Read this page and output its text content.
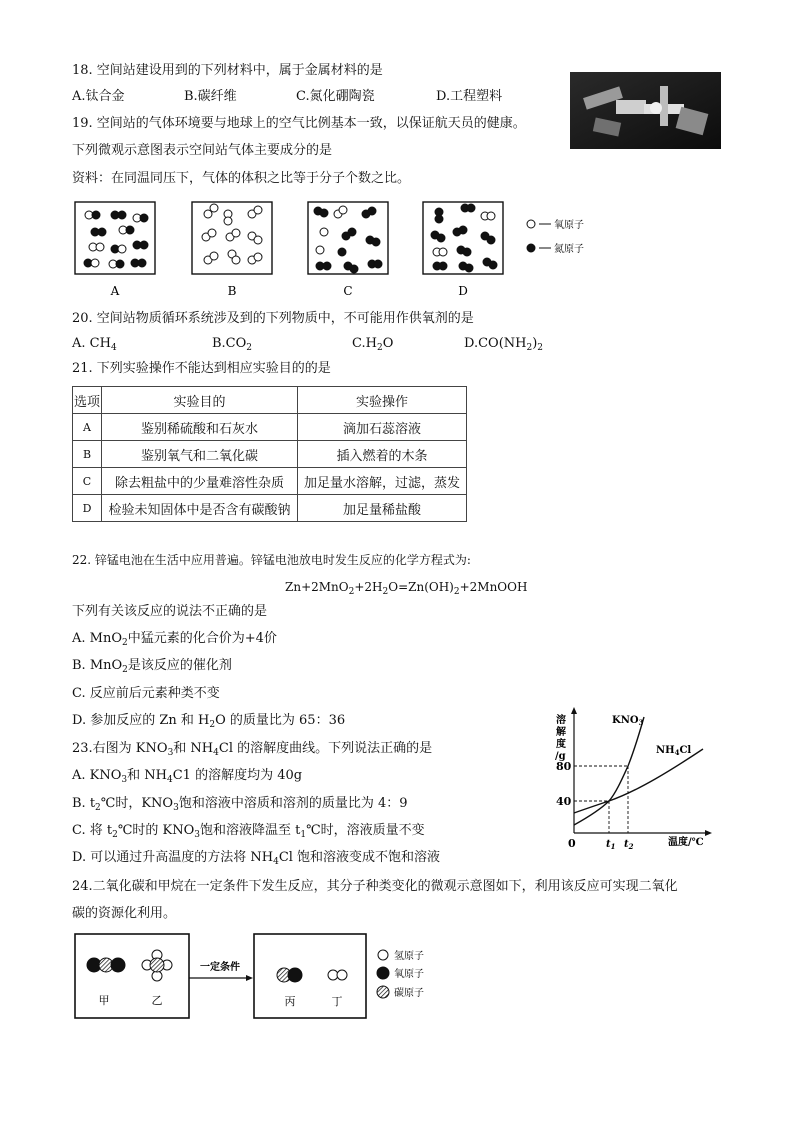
18. 空间站建设用到的下列材料中，属于金属材料的是
A.钛合金	B.碳纤维	C.氮化硼陶瓷	D.工程塑料
19. 空间站的气体环境要与地球上的空气比例基本一致，以保证航天员的健康。
下列微观示意图表示空间站气体主要成分的是
资料：在同温同压下，气体的体积之比等于分子个数之比。
A	B	C	D
氧原子
氮原子
20. 空间站物质循环系统涉及到的下列物质中，不可能用作供氧剂的是
A. $CH_4$	$B.CO_2$	$C.H_2O$	$D.CO(NH_2)_2$
21. 下列实验操作不能达到相应实验目的的是
选项	实验目的	实验操作
A	鉴别稀硫酸和石灰水	滴加石蕊溶液
B	鉴别氧气和二氧化碳	插入燃着的木条
C	除去粗盐中的少量难溶性杂质	加足量水溶解，过滤，蒸发
D	检验未知固体中是否含有碳酸钠	加足量稀盐酸
22. 锌锰电池在生活中应用普遍。锌锰电池放电时发生反应的化学方程式为:
$Zn+2MnO_2+2H_2O=Zn(OH)_2+2MnOOH$
下列有关该反应的说法不正确的是
A. MnO$_2$中猛元素的化合价为+4价
B. MnO$_2$是该反应的催化剂
C. 反应前后元素种类不变
D. 参加反应的 Zn 和 $H_2O$ 的质量比为 65：36
23.右图为 $KNO_3$和 $NH_4Cl$ 的溶解度曲线。下列说法正确的是
A. $KNO_3$和 $NH_4C1$ 的溶解度均为 40g
B. $t_2℃$时，$KNO_3$饱和溶液中溶质和溶剂的质量比为 4：9
C. 将 $t_2℃$时的 $KNO_3$饱和溶液降温至 $t_1℃$时，溶液质量不变
D. 可以通过升高温度的方法将 $NH_4Cl$ 饱和溶液变成不饱和溶液
溶
解
度
/g
80
40
0	$t_1$ $t_2$	温度/℃
$KNO_3$
$NH_4Cl$
24.二氧化碳和甲烷在一定条件下发生反应，其分子种类变化的微观示意图如下，利用该反应可实现二氧化
碳的资源化利用。
甲	乙
一定条件
丙	丁
氢原子
氧原子
碳原子
